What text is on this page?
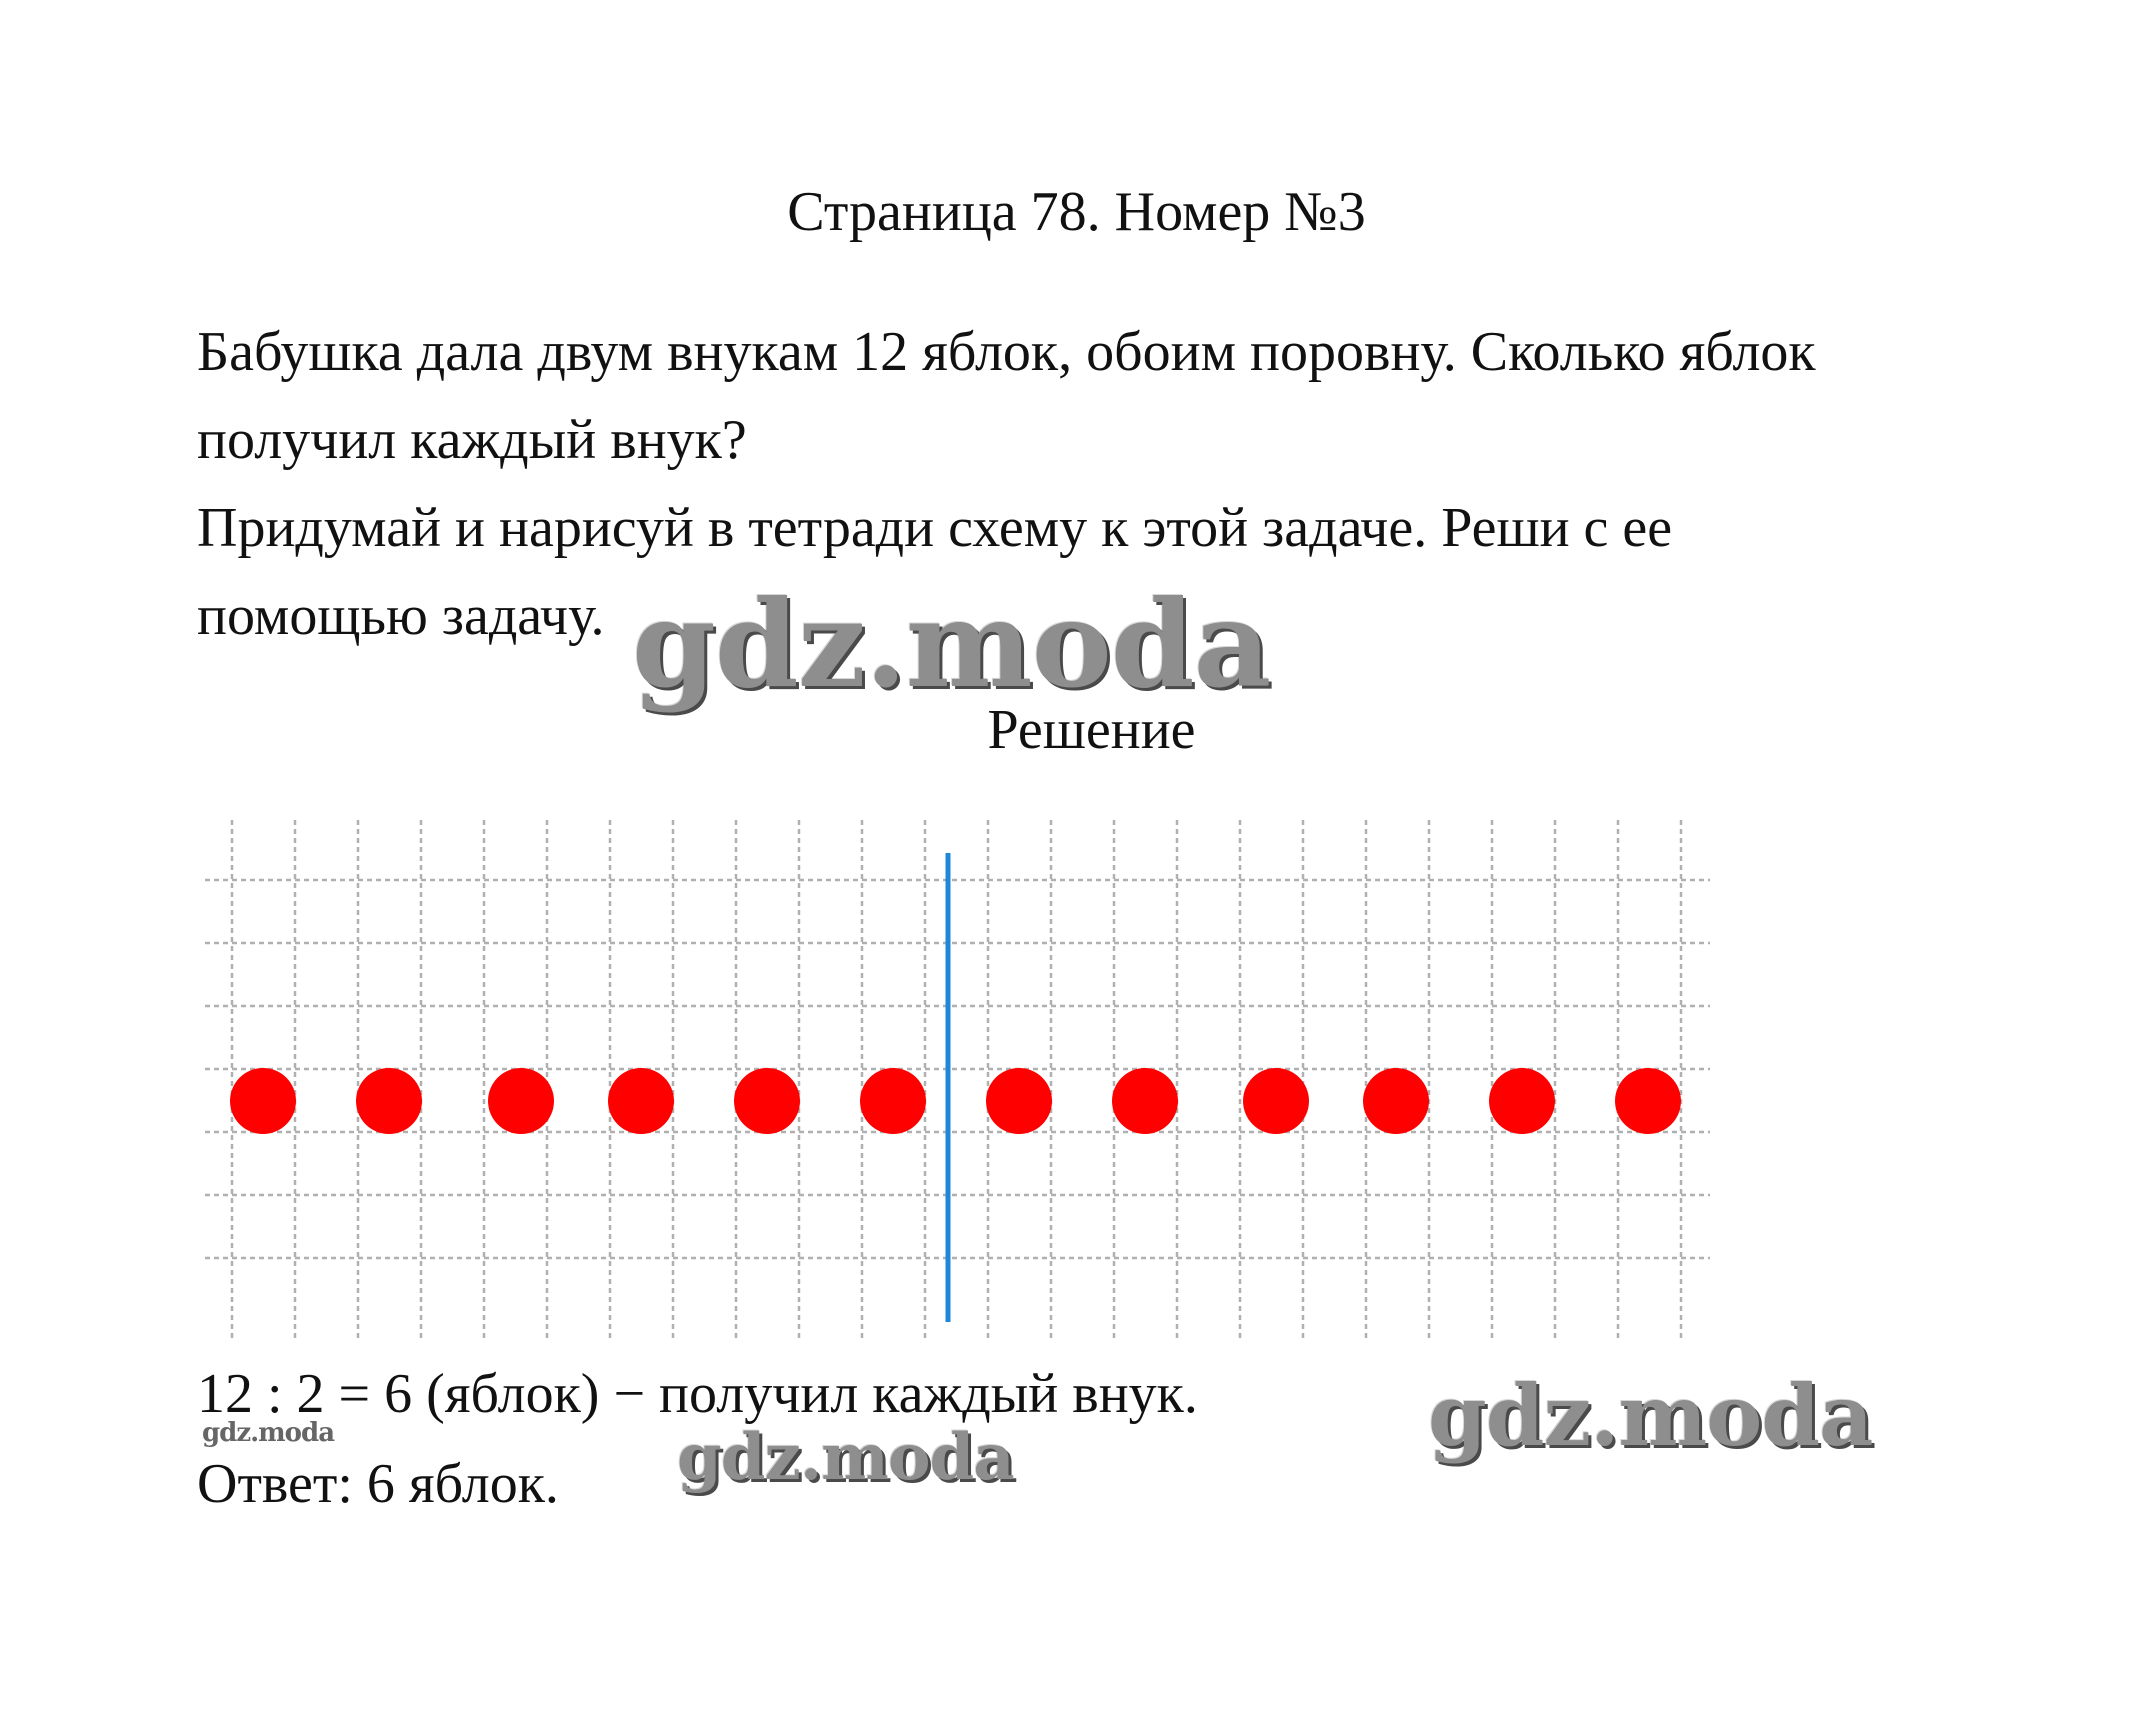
Страница 78. Номер №3

Бабушка дала двум внукам 12 яблок, обоим поровну. Сколько яблок

получил каждый внук?

Придумай и нарисуй в тетради схему к этой задаче. Реши с ее

помощью задачу. gdz.moda
Решение
12 : 2 = 6 (яблок) − получил каждый внук.
gdz.moda
Ответ: 6 яблок. gdz.moda	gdz.moda
